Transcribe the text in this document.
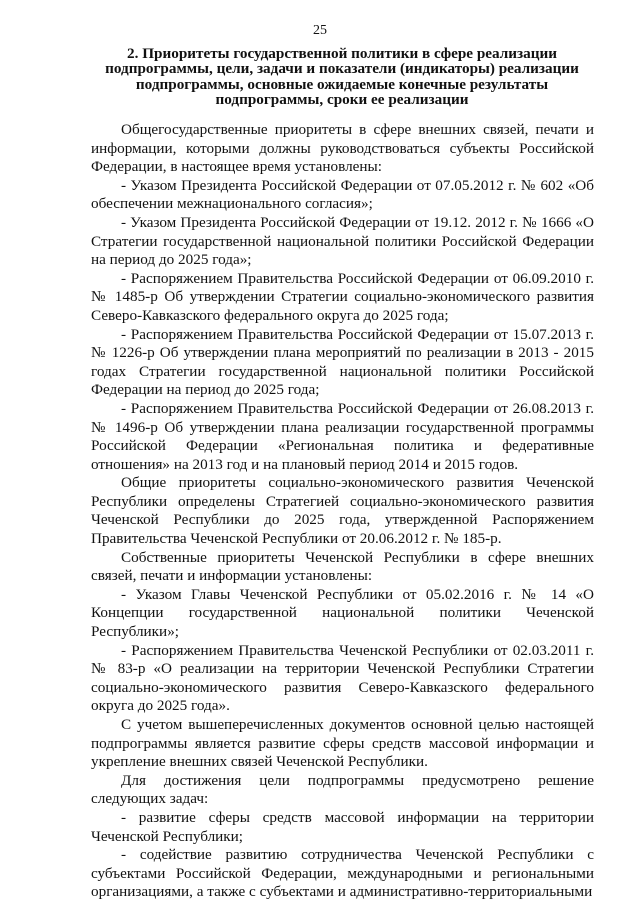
25
2. Приоритеты государственной политики в сфере реализации
подпрограммы, цели, задачи и показатели (индикаторы) реализации
подпрограммы, основные ожидаемые конечные результаты
подпрограммы, сроки ее реализации

Общегосударственные приоритеты в сфере внешних связей, печати и информации, которыми должны руководствоваться субъекты Российской Федерации, в настоящее время установлены:

- Указом Президента Российской Федерации от 07.05.2012 г. № 602 «Об обеспечении межнационального согласия»;

- Указом Президента Российской Федерации от 19.12. 2012 г. № 1666 «О Стратегии государственной национальной политики Российской Федерации на период до 2025 года»;

- Распоряжением Правительства Российской Федерации от 06.09.2010 г. № 1485-р Об утверждении Стратегии социально-экономического развития Северо-Кавказского федерального округа до 2025 года;

- Распоряжением Правительства Российской Федерации от 15.07.2013 г. № 1226-р Об утверждении плана мероприятий по реализации в 2013 - 2015 годах Стратегии государственной национальной политики Российской Федерации на период до 2025 года;

- Распоряжением Правительства Российской Федерации от 26.08.2013 г. № 1496-р Об утверждении плана реализации государственной программы Российской Федерации «Региональная политика и федеративные отношения» на 2013 год и на плановый период 2014 и 2015 годов.

Общие приоритеты социально-экономического развития Чеченской Республики определены Стратегией социально-экономического развития Чеченской Республики до 2025 года, утвержденной Распоряжением Правительства Чеченской Республики от 20.06.2012 г. № 185-р.

Собственные приоритеты Чеченской Республики в сфере внешних связей, печати и информации установлены:

- Указом Главы Чеченской Республики от 05.02.2016 г. № 14 «О Концепции государственной национальной политики Чеченской Республики»;

- Распоряжением Правительства Чеченской Республики от 02.03.2011 г. № 83-р «О реализации на территории Чеченской Республики Стратегии социально-экономического развития Северо-Кавказского федерального округа до 2025 года».

С учетом вышеперечисленных документов основной целью настоящей подпрограммы является развитие сферы средств массовой информации и укрепление внешних связей Чеченской Республики.

Для достижения цели подпрограммы предусмотрено решение следующих задач:

- развитие сферы средств массовой информации на территории Чеченской Республики;

- содействие развитию сотрудничества Чеченской Республики с субъектами Российской Федерации, международными и региональными организациями, а также с субъектами и административно-территориальными
